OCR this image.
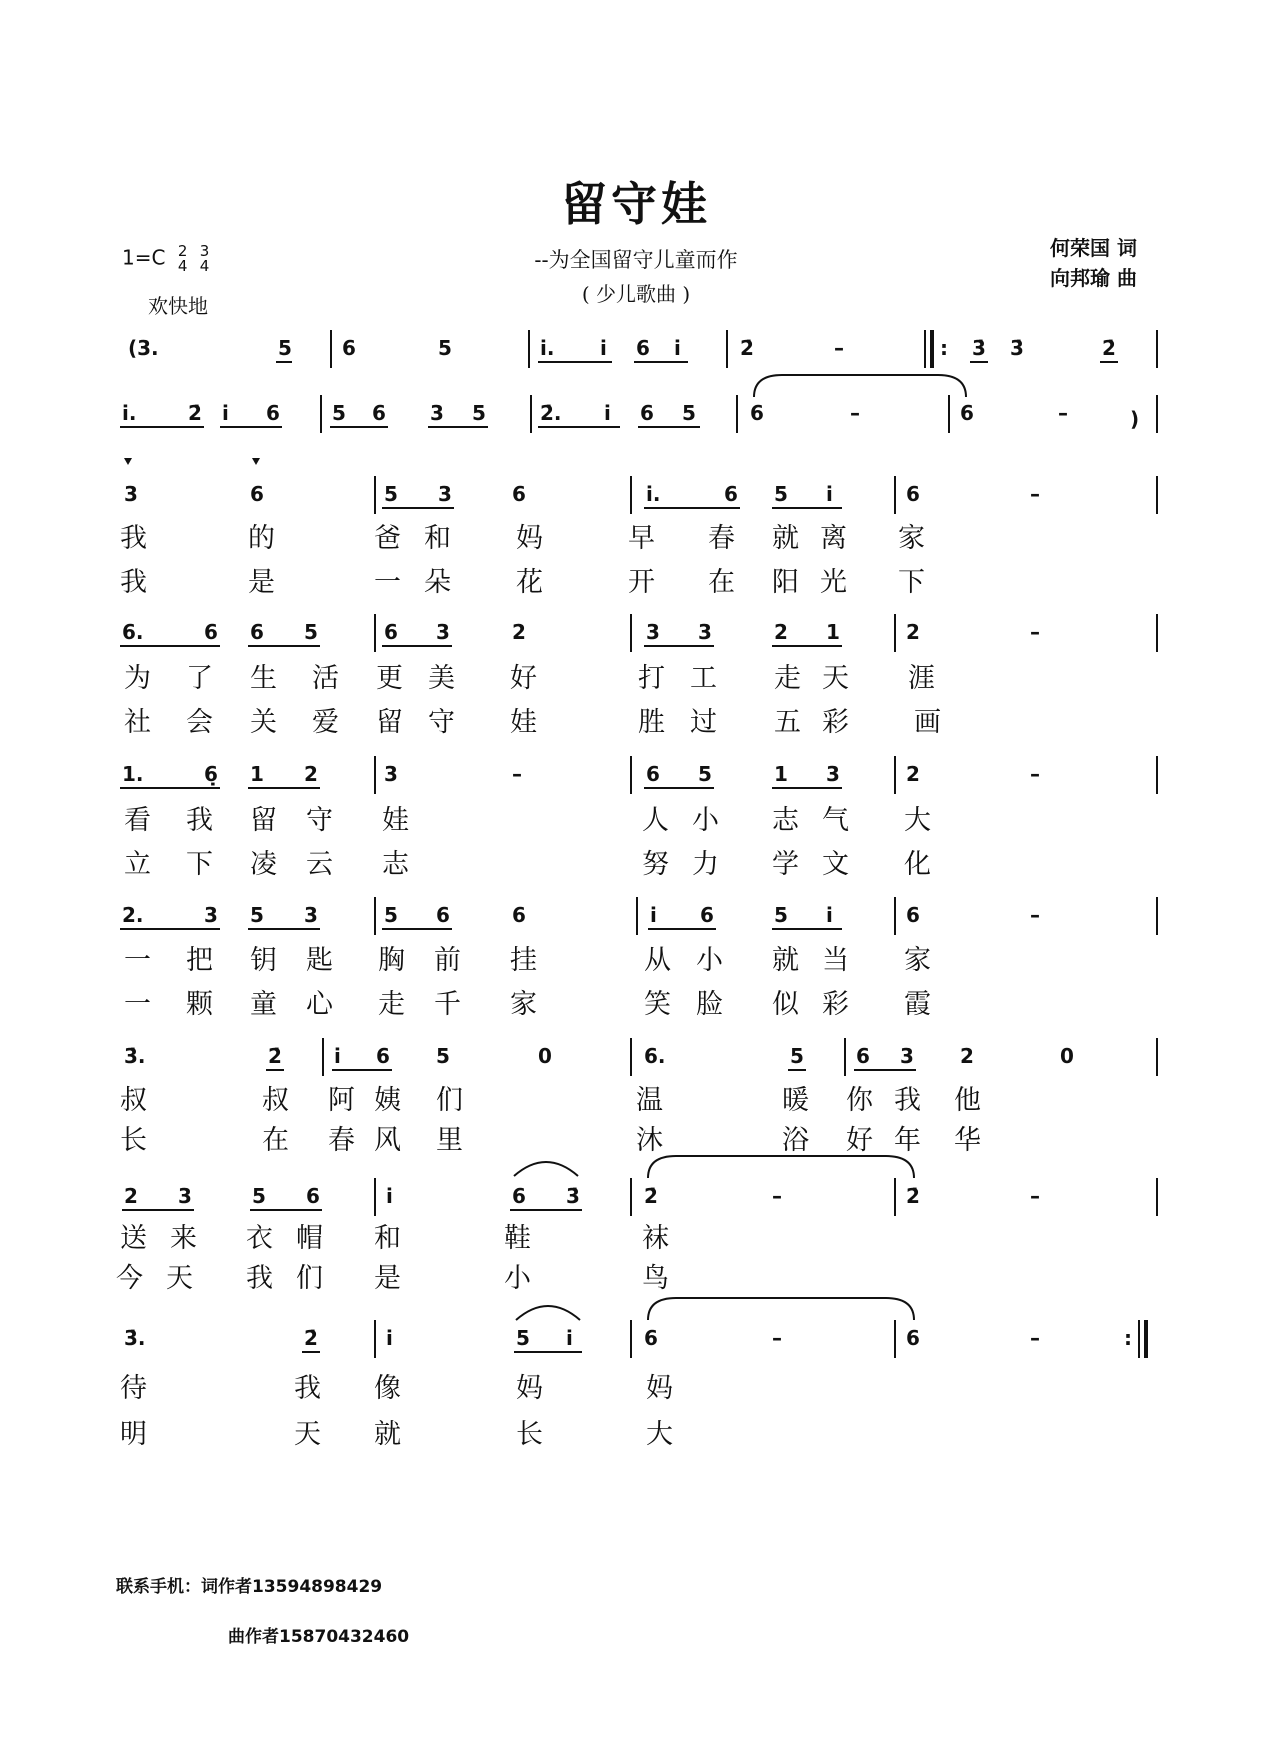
留守娃
--为全国留守儿童而作
( 少儿歌曲 )
何荣国 词
向邦瑜 曲
1=C 2
4 3
4
欢快地
(3.	5	6	5	i. i 6 i	2̇	–	: 3̇ 3̇	2̇
i.	2̇ i 6	5 6 3 5	2̇. i 6 5	6	–	6	–	)
3	6	5 3	6	i.	6 5 i	6	–
我	的	爸 和 妈	早 春 就 离 家
我	是	一 朵 花	开 在 阳 光 下
6.	6 6 5	6 3	2	3 3	2 1	2	–
为 了 生 活 更 美 好	打 工 走 天 涯
社 会 关 爱 留 守 娃	胜 过 五 彩 画
1.	6̣ 1 2	3	–	6 5	1 3	2	–
看 我 留 守 娃	人 小 志 气 大
立 下 凌 云 志	努 力 学 文 化
2.	3 5 3	5 6	6	i 6	5 i	6	–
一 把 钥 匙 胸 前 挂	从 小 就 当 家
一 颗 童 心 走 千 家	笑 脸 似 彩 霞
3̇.	2̇	i 6 5	0	6.	5	6 3 2	0
叔	叔 阿 姨 们	温	暖 你 我 他
长	在 春 风 里	沐	浴 好 年 华
2 3	5 6	i	6 3̇	2̇	–	2̇	–
送 来 衣 帽 和	鞋	袜
今 天 我 们 是	小	鸟
3̇.	2̇	i	5 i	6	–	6	–	:
待	我 像	妈	妈
明	天 就	长	大
联系手机：词作者13594898429
曲作者15870432460
